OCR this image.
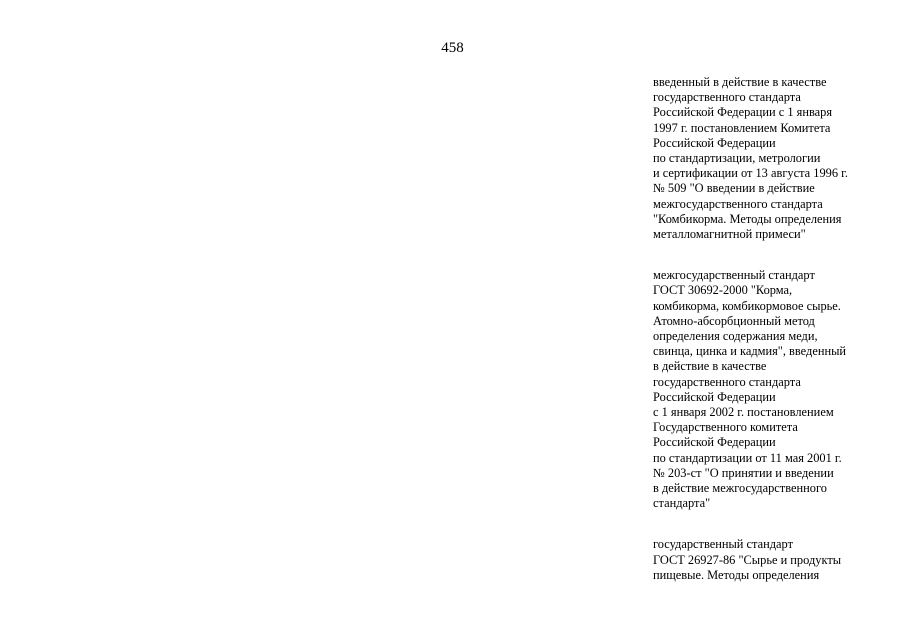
458

введенный в действие в качестве
государственного стандарта
Российской Федерации с 1 января
1997 г. постановлением Комитета
Российской Федерации
по стандартизации, метрологии
и сертификации от 13 августа 1996 г.
№ 509 "О введении в действие
межгосударственного стандарта
"Комбикорма. Методы определения
металломагнитной примеси"

межгосударственный стандарт
ГОСТ 30692-2000 "Корма,
комбикорма, комбикормовое сырье.
Атомно-абсорбционный метод
определения содержания меди,
свинца, цинка и кадмия", введенный
в действие в качестве
государственного стандарта
Российской Федерации
с 1 января 2002 г. постановлением
Государственного комитета
Российской Федерации
по стандартизации от 11 мая 2001 г.
№ 203-ст "О принятии и введении
в действие межгосударственного
стандарта"

государственный стандарт
ГОСТ 26927-86 "Сырье и продукты
пищевые. Методы определения
